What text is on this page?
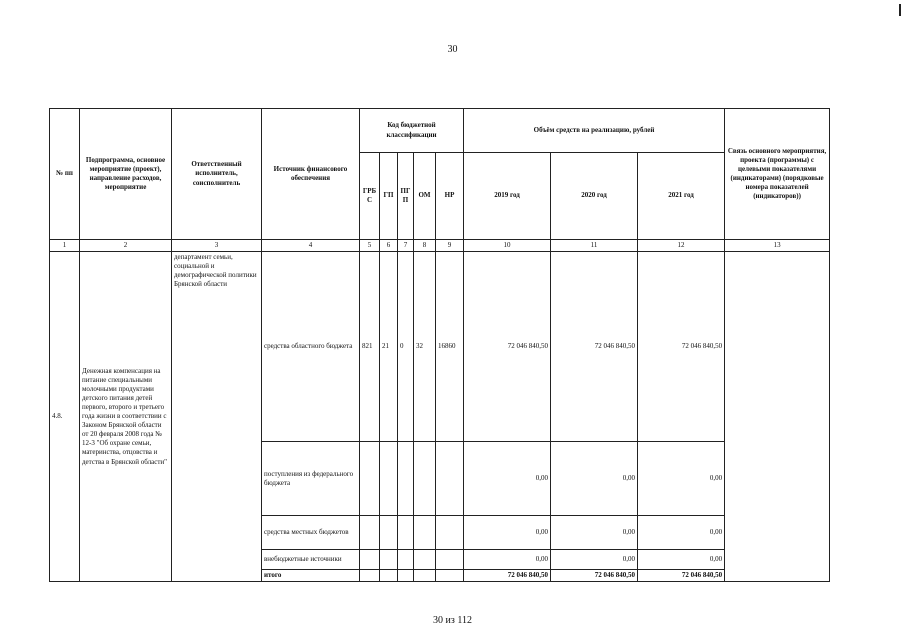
30
№ пп	Подпрограмма, основное мероприятие (проект), направление расходов, мероприятие	Ответственный исполнитель, соисполнитель	Источник финансового обеспечения	Код бюджетной классификации					Объём средств на реализацию, рублей			Связь основного мероприятия, проекта (программы) с целевыми показателями (индикаторами) (порядковые номера показателей (индикаторов))
				ГРБ С	ГП	ПГ П	ОМ	НР	2019 год	2020 год	2021 год	
1	2	3	4	5	6	7	8	9	10	11	12	13
4.8.	Денежная компенсация на питание специальными молочными продуктами детского питания детей первого, второго и третьего года жизни в соответствии с Законом Брянской области от 20 февраля 2008 года № 12-3 "Об охране семьи, материнства, отцовства и детства в Брянской области"	департамент семьи, социальной и демографической политики Брянской области	средства областного бюджета	821	21	0	32	16860	72 046 840,50	72 046 840,50	72 046 840,50	
			поступления из федерального бюджета						0,00	0,00	0,00	
			средства местных бюджетов						0,00	0,00	0,00	
			внебюджетные источники						0,00	0,00	0,00	
			итого						72 046 840,50	72 046 840,50	72 046 840,50	
30 из 112
